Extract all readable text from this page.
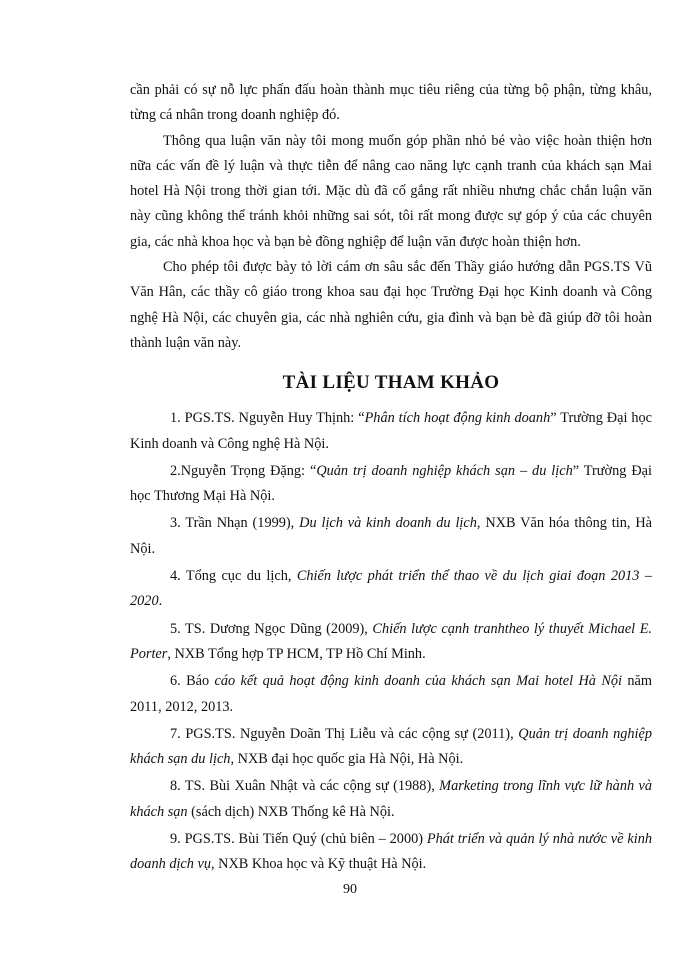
cần phải có sự nỗ lực phấn đấu hoàn thành mục tiêu riêng của từng bộ phận, từng khâu, từng cá nhân trong doanh nghiệp đó.

Thông qua luận văn này tôi mong muốn góp phần nhỏ bé vào việc hoàn thiện hơn nữa các vấn đề lý luận và thực tiễn để nâng cao năng lực cạnh tranh của khách sạn Mai hotel Hà Nội trong thời gian tới. Mặc dù đã cố gắng rất nhiều nhưng chắc chắn luận văn này cũng không thể tránh khỏi những sai sót, tôi rất mong được sự góp ý của các chuyên gia, các nhà khoa học và bạn bè đồng nghiệp để luận văn được hoàn thiện hơn.

Cho phép tôi được bày tỏ lời cám ơn sâu sắc đến Thầy giáo hướng dẫn PGS.TS Vũ Văn Hân, các thầy cô giáo trong khoa sau đại học Trường Đại học Kinh doanh và Công nghệ Hà Nội, các chuyên gia, các nhà nghiên cứu, gia đình và bạn bè đã giúp đỡ tôi hoàn thành luận văn này.

TÀI LIỆU THAM KHẢO

1. PGS.TS. Nguyễn Huy Thịnh: “Phân tích hoạt động kinh doanh” Trường Đại học Kinh doanh và Công nghệ Hà Nội.

2.Nguyễn Trọng Đặng: “Quản trị doanh nghiệp khách sạn – du lịch” Trường Đại học Thương Mại Hà Nội.

3. Trần Nhạn (1999), Du lịch và kinh doanh du lịch, NXB Văn hóa thông tin, Hà Nội.

4. Tổng cục du lịch, Chiến lược phát triển thể thao về du lịch giai đoạn 2013 – 2020.

5. TS. Dương Ngọc Dũng (2009), Chiến lược cạnh tranhtheo lý thuyết Michael E. Porter, NXB Tổng hợp TP HCM, TP Hồ Chí Minh.

6. Báo cáo kết quả hoạt động kinh doanh của khách sạn Mai hotel Hà Nội năm 2011, 2012, 2013.

7. PGS.TS. Nguyễn Doãn Thị Liễu và các cộng sự (2011), Quản trị doanh nghiệp khách sạn du lịch, NXB đại học quốc gia Hà Nội, Hà Nội.

8. TS. Bùi Xuân Nhật và các cộng sự (1988), Marketing trong lĩnh vực lữ hành và khách sạn (sách dịch) NXB Thống kê Hà Nội.

9. PGS.TS. Bùi Tiến Quý (chủ biên – 2000) Phát triển và quản lý nhà nước về kinh doanh dịch vụ, NXB Khoa học và Kỹ thuật Hà Nội.

90
